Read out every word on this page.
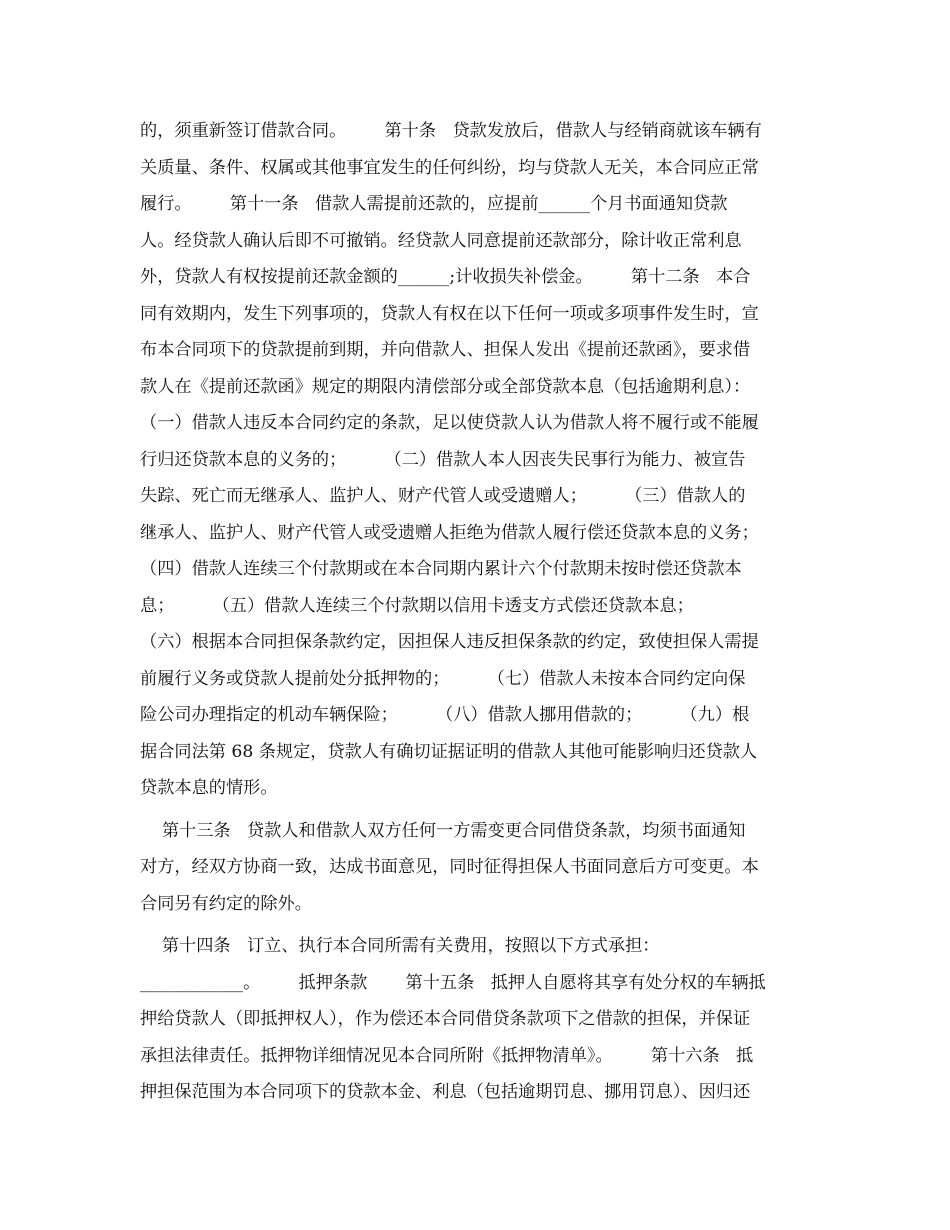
的，须重新签订借款合同。       第十条   贷款发放后，借款人与经销商就该车辆有
关质量、条件、权属或其他事宜发生的任何纠纷，均与贷款人无关，本合同应正常
履行。       第十一条   借款人需提前还款的，应提前______个月书面通知贷款
人。经贷款人确认后即不可撤销。经贷款人同意提前还款部分，除计收正常利息
外，贷款人有权按提前还款金额的______;计收损失补偿金。       第十二条   本合
同有效期内，发生下列事项的，贷款人有权在以下任何一项或多项事件发生时，宣
布本合同项下的贷款提前到期，并向借款人、担保人发出《提前还款函》，要求借
款人在《提前还款函》规定的期限内清偿部分或全部贷款本息（包括逾期利息）：
（一）借款人违反本合同约定的条款，足以使贷款人认为借款人将不履行或不能履
行归还贷款本息的义务的；       （二）借款人本人因丧失民事行为能力、被宣告
失踪、死亡而无继承人、监护人、财产代管人或受遗赠人；       （三）借款人的
继承人、监护人、财产代管人或受遗赠人拒绝为借款人履行偿还贷款本息的义务；
（四）借款人连续三个付款期或在本合同期内累计六个付款期未按时偿还贷款本
息；       （五）借款人连续三个付款期以信用卡透支方式偿还贷款本息；
（六）根据本合同担保条款约定，因担保人违反担保条款的约定，致使担保人需提
前履行义务或贷款人提前处分抵押物的；       （七）借款人未按本合同约定向保
险公司办理指定的机动车辆保险；       （八）借款人挪用借款的；       （九）根
据合同法第 68 条规定，贷款人有确切证据证明的借款人其他可能影响归还贷款人
贷款本息的情形。
第十三条   贷款人和借款人双方任何一方需变更合同借贷条款，均须书面通知
对方，经双方协商一致，达成书面意见，同时征得担保人书面同意后方可变更。本
合同另有约定的除外。
第十四条   订立、执行本合同所需有关费用，按照以下方式承担：
____________。       抵押条款       第十五条   抵押人自愿将其享有处分权的车辆抵
押给贷款人（即抵押权人），作为偿还本合同借贷条款项下之借款的担保，并保证
承担法律责任。抵押物详细情况见本合同所附《抵押物清单》。       第十六条   抵
押担保范围为本合同项下的贷款本金、利息（包括逾期罚息、挪用罚息）、因归还
